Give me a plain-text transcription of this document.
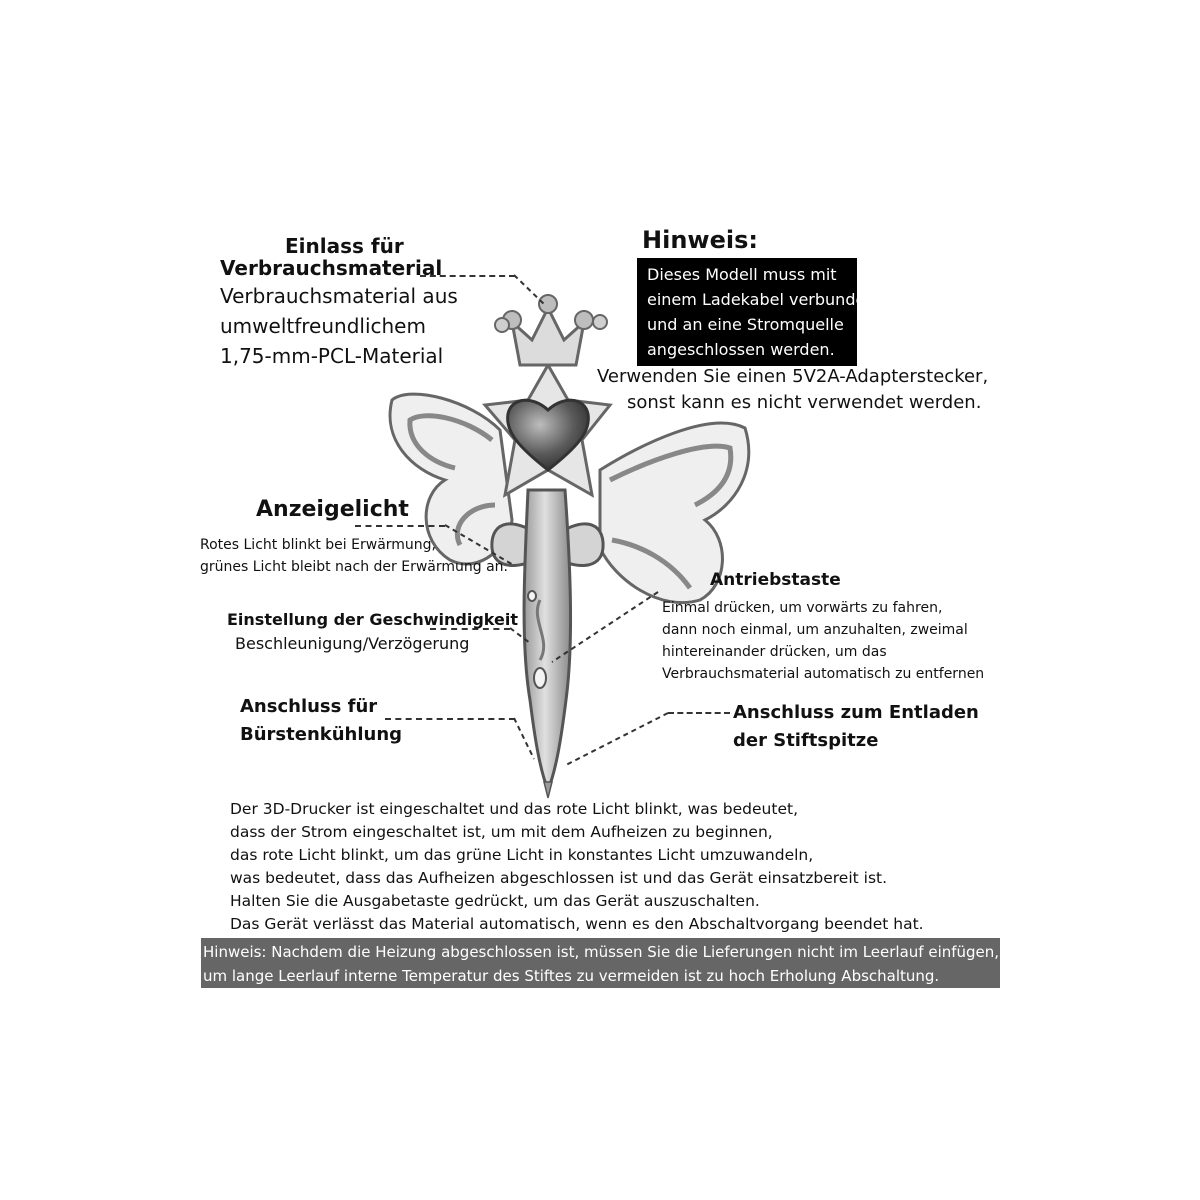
Einlass für
Verbrauchsmaterial
Verbrauchsmaterial aus
umweltfreundlichem
1,75-mm-PCL-Material
Hinweis:
Dieses Modell muss mit
einem Ladekabel verbunden
und an eine Stromquelle
angeschlossen werden.
Verwenden Sie einen 5V2A-Adapterstecker,
sonst kann es nicht verwendet werden.
Anzeigelicht
Rotes Licht blinkt bei Erwärmung,
grünes Licht bleibt nach der Erwärmung an.
Einstellung der Geschwindigkeit
Beschleunigung/Verzögerung
Anschluss für
Bürstenkühlung
Antriebstaste
Einmal drücken, um vorwärts zu fahren,
dann noch einmal, um anzuhalten, zweimal
hintereinander drücken, um das
Verbrauchsmaterial automatisch zu entfernen
Anschluss zum Entladen
der Stiftspitze
Der 3D-Drucker ist eingeschaltet und das rote Licht blinkt, was bedeutet,
dass der Strom eingeschaltet ist, um mit dem Aufheizen zu beginnen,
das rote Licht blinkt, um das grüne Licht in konstantes Licht umzuwandeln,
was bedeutet, dass das Aufheizen abgeschlossen ist und das Gerät einsatzbereit ist.
Halten Sie die Ausgabetaste gedrückt, um das Gerät auszuschalten.
Das Gerät verlässt das Material automatisch, wenn es den Abschaltvorgang beendet hat.
Hinweis: Nachdem die Heizung abgeschlossen ist, müssen Sie die Lieferungen nicht im Leerlauf einfügen,
um lange Leerlauf interne Temperatur des Stiftes zu vermeiden ist zu hoch Erholung Abschaltung.
